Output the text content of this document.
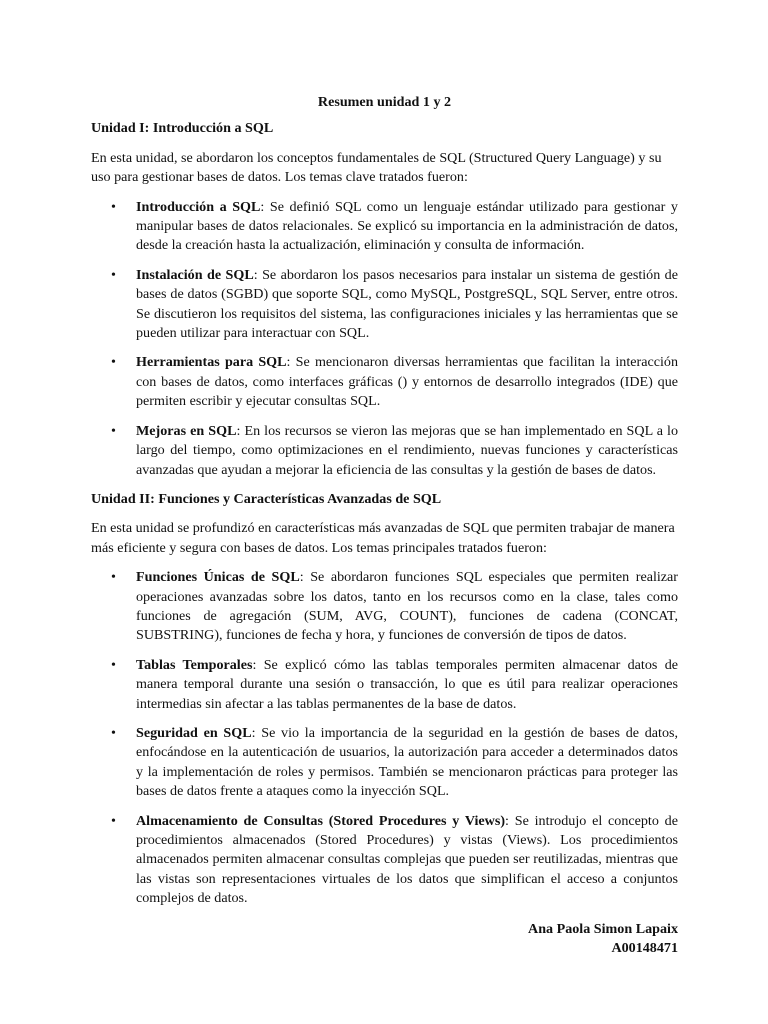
Resumen unidad 1 y 2
Unidad I: Introducción a SQL
En esta unidad, se abordaron los conceptos fundamentales de SQL (Structured Query Language) y su uso para gestionar bases de datos. Los temas clave tratados fueron:
• Introducción a SQL: Se definió SQL como un lenguaje estándar utilizado para gestionar y manipular bases de datos relacionales. Se explicó su importancia en la administración de datos, desde la creación hasta la actualización, eliminación y consulta de información.
• Instalación de SQL: Se abordaron los pasos necesarios para instalar un sistema de gestión de bases de datos (SGBD) que soporte SQL, como MySQL, PostgreSQL, SQL Server, entre otros. Se discutieron los requisitos del sistema, las configuraciones iniciales y las herramientas que se pueden utilizar para interactuar con SQL.
• Herramientas para SQL: Se mencionaron diversas herramientas que facilitan la interacción con bases de datos, como interfaces gráficas () y entornos de desarrollo integrados (IDE) que permiten escribir y ejecutar consultas SQL.
• Mejoras en SQL: En los recursos se vieron las mejoras que se han implementado en SQL a lo largo del tiempo, como optimizaciones en el rendimiento, nuevas funciones y características avanzadas que ayudan a mejorar la eficiencia de las consultas y la gestión de bases de datos.
Unidad II: Funciones y Características Avanzadas de SQL
En esta unidad se profundizó en características más avanzadas de SQL que permiten trabajar de manera más eficiente y segura con bases de datos. Los temas principales tratados fueron:
• Funciones Únicas de SQL: Se abordaron funciones SQL especiales que permiten realizar operaciones avanzadas sobre los datos, tanto en los recursos como en la clase, tales como funciones de agregación (SUM, AVG, COUNT), funciones de cadena (CONCAT, SUBSTRING), funciones de fecha y hora, y funciones de conversión de tipos de datos.
• Tablas Temporales: Se explicó cómo las tablas temporales permiten almacenar datos de manera temporal durante una sesión o transacción, lo que es útil para realizar operaciones intermedias sin afectar a las tablas permanentes de la base de datos.
• Seguridad en SQL: Se vio la importancia de la seguridad en la gestión de bases de datos, enfocándose en la autenticación de usuarios, la autorización para acceder a determinados datos y la implementación de roles y permisos. También se mencionaron prácticas para proteger las bases de datos frente a ataques como la inyección SQL.
• Almacenamiento de Consultas (Stored Procedures y Views): Se introdujo el concepto de procedimientos almacenados (Stored Procedures) y vistas (Views). Los procedimientos almacenados permiten almacenar consultas complejas que pueden ser reutilizadas, mientras que las vistas son representaciones virtuales de los datos que simplifican el acceso a conjuntos complejos de datos.
Ana Paola Simon Lapaix
A00148471
